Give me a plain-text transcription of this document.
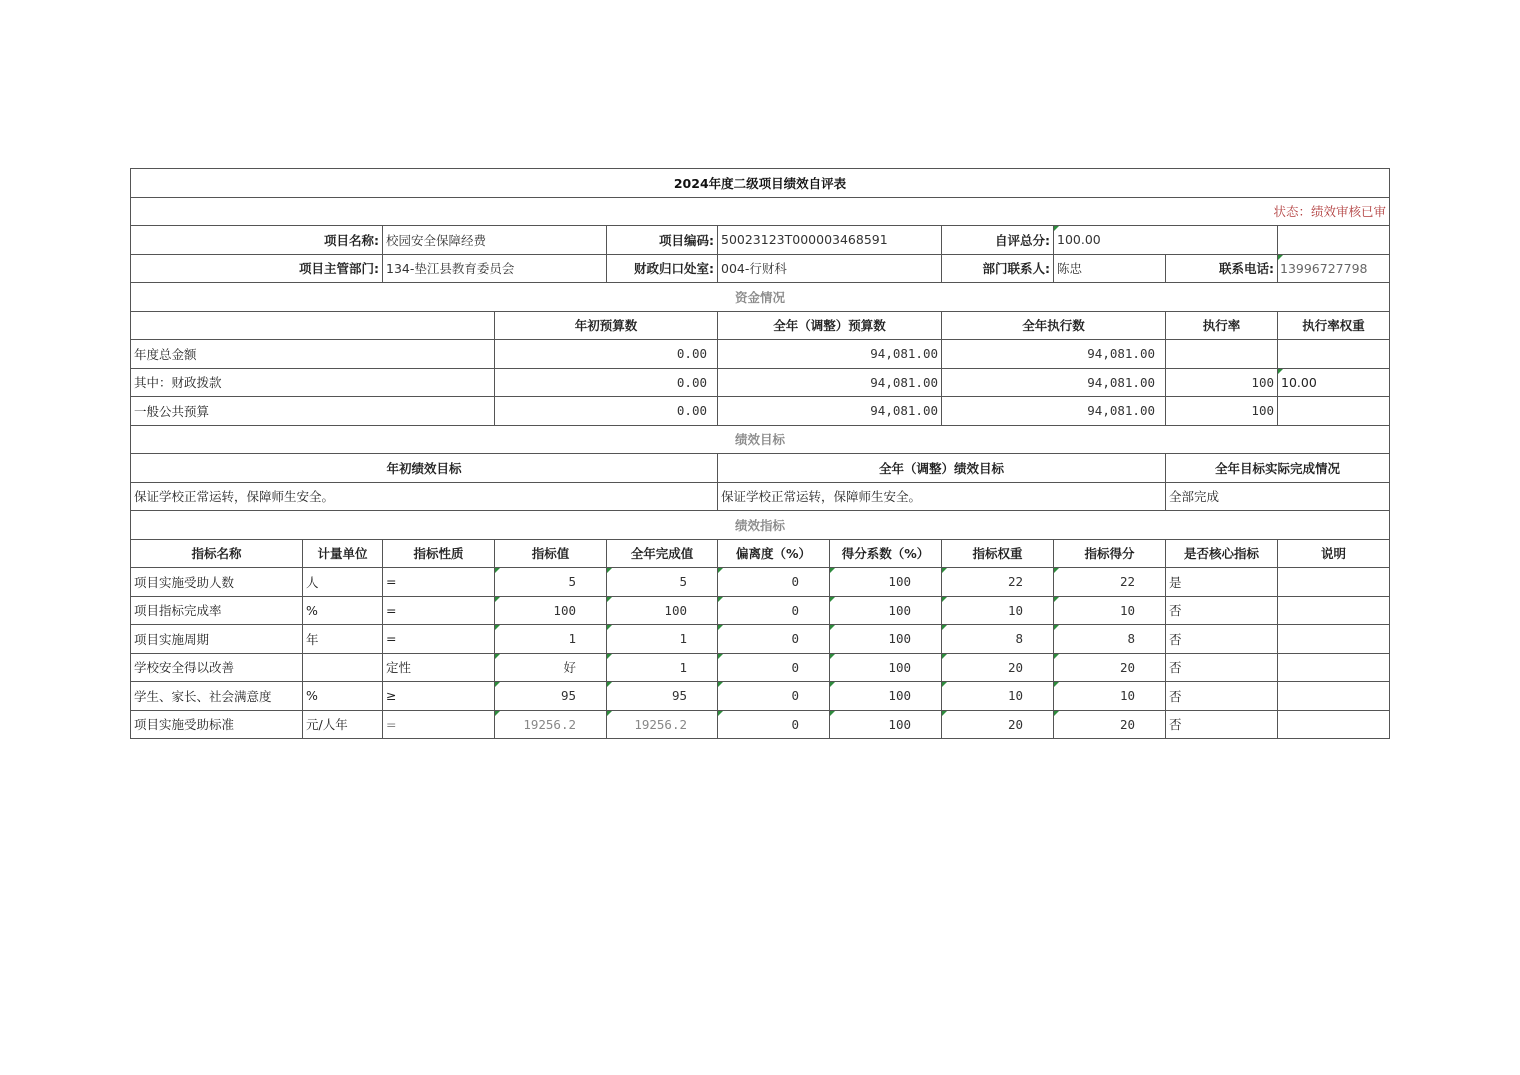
2024年度二级项目绩效自评表											
状态：绩效审核已审											
项目名称:		校园安全保障经费		项目编码:	50023123T000003468591		自评总分:	100.00			
项目主管部门:		134-垫江县教育委员会		财政归口处室:	004-行财科		部门联系人:	陈忠	联系电话:	13996727798	
资金情况											
			年初预算数		全年（调整）预算数		全年执行数		执行率	执行率权重	
年度总金额			0.00		94,081.00		94,081.00				
其中：财政拨款			0.00		94,081.00		94,081.00		100	10.00	
一般公共预算			0.00		94,081.00		94,081.00		100		
绩效目标											
年初绩效目标					全年（调整）绩效目标				全年目标实际完成情况		
保证学校正常运转，保障师生安全。					保证学校正常运转，保障师生安全。				全部完成		
绩效指标											
指标名称	计量单位	指标性质	指标值	全年完成值	偏离度（%）	得分系数（%）	指标权重	指标得分	是否核心指标	说明	
项目实施受助人数	人	=	5	5	0	100	22	22	是		
项目指标完成率	%	=	100	100	0	100	10	10	否		
项目实施周期	年	=	1	1	0	100	8	8	否		
学校安全得以改善		定性	好	1	0	100	20	20	否		
学生、家长、社会满意度	%	≥	95	95	0	100	10	10	否		
项目实施受助标准	元/人年	=	19256.2	19256.2	0	100	20	20	否		
